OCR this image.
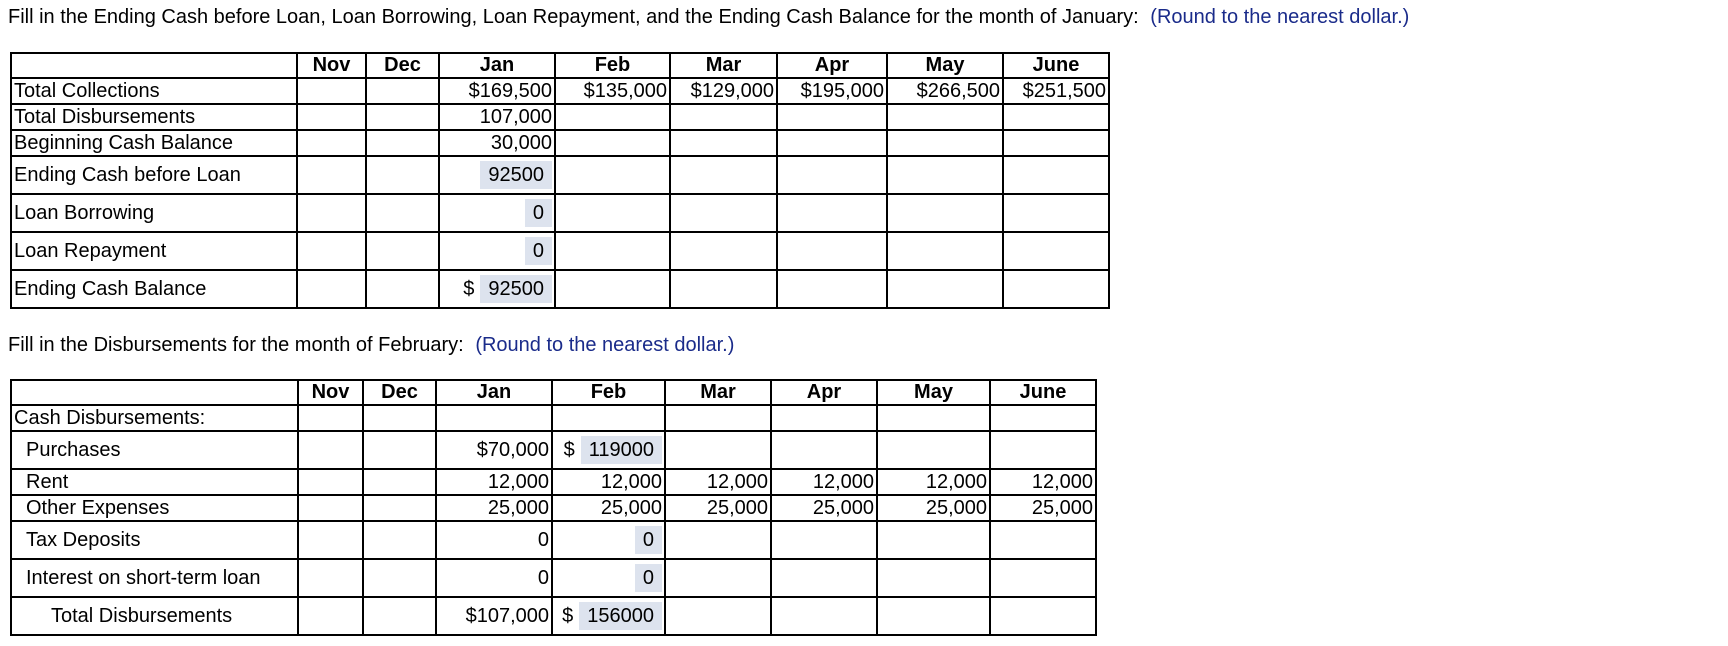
Fill in the Ending Cash before Loan, Loan Borrowing, Loan Repayment, and the Ending Cash Balance for the month of January: (Round to the nearest dollar.)
	Nov	Dec	Jan	Feb	Mar	Apr	May	June
Total Collections			$169,500	$135,000	$129,000	$195,000	$266,500	$251,500
Total Disbursements			107,000					
Beginning Cash Balance			30,000					
Ending Cash before Loan			92500					
Loan Borrowing			0					
Loan Repayment			0					
Ending Cash Balance			$ 92500					
Fill in the Disbursements for the month of February: (Round to the nearest dollar.)
	Nov	Dec	Jan	Feb	Mar	Apr	May	June
Cash Disbursements:								
Purchases			$70,000	$ 119000				
Rent			12,000	12,000	12,000	12,000	12,000	12,000
Other Expenses			25,000	25,000	25,000	25,000	25,000	25,000
Tax Deposits			0	0				
Interest on short-term loan			0	0				
Total Disbursements			$107,000	$ 156000				
